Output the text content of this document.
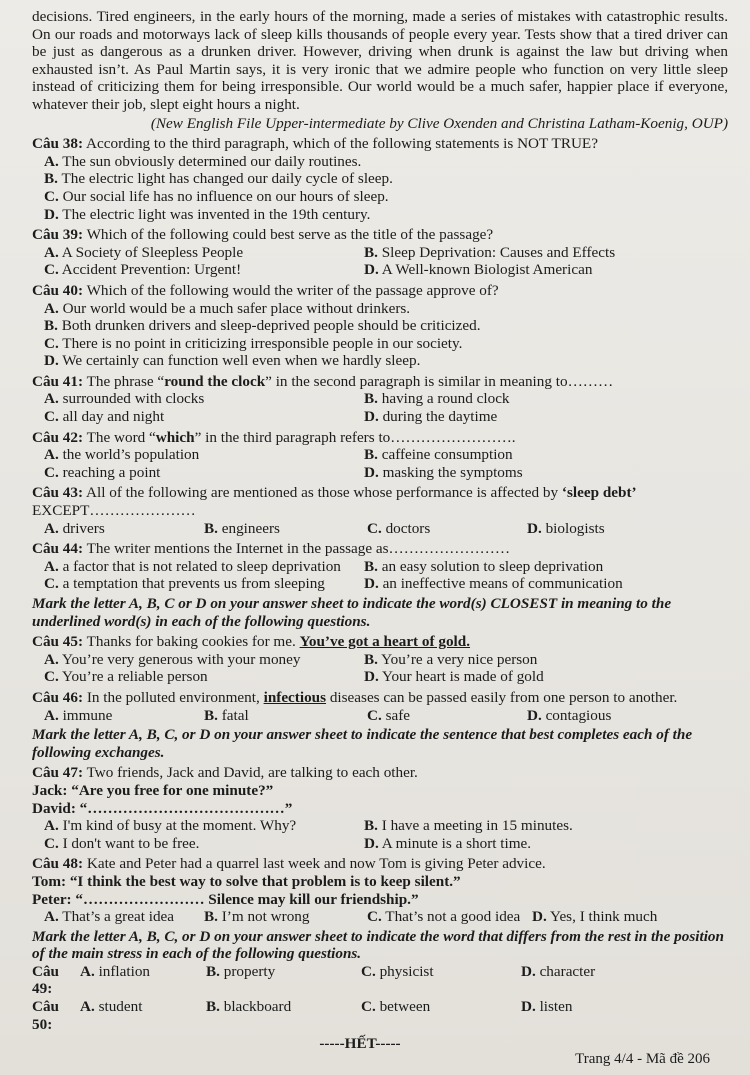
decisions. Tired engineers, in the early hours of the morning, made a series of mistakes with catastrophic results. On our roads and motorways lack of sleep kills thousands of people every year. Tests show that a tired driver can be just as dangerous as a drunken driver. However, driving when drunk is against the law but driving when exhausted isn’t. As Paul Martin says, it is very ironic that we admire people who function on very little sleep instead of criticizing them for being irresponsible. Our world would be a much safer, happier place if everyone, whatever their job, slept eight hours a night.

(New English File Upper-intermediate by Clive Oxenden and Christina Latham-Koenig, OUP)

Câu 38: According to the third paragraph, which of the following statements is NOT TRUE?

A. The sun obviously determined our daily routines.
B. The electric light has changed our daily cycle of sleep.
C. Our social life has no influence on our hours of sleep.
D. The electric light was invented in the 19th century.

Câu 39: Which of the following could best serve as the title of the passage?

A. A Society of Sleepless People	B. Sleep Deprivation: Causes and Effects
C. Accident Prevention: Urgent!	D. A Well-known Biologist American

Câu 40: Which of the following would the writer of the passage approve of?

A. Our world would be a much safer place without drinkers.
B. Both drunken drivers and sleep-deprived people should be criticized.
C. There is no point in criticizing irresponsible people in our society.
D. We certainly can function well even when we hardly sleep.

Câu 41: The phrase “round the clock” in the second paragraph is similar in meaning to………

A. surrounded with clocks	B. having a round clock
C. all day and night	D. during the daytime

Câu 42: The word “which” in the third paragraph refers to…………………….

A. the world’s population	B. caffeine consumption
C. reaching a point	D. masking the symptoms

Câu 43: All of the following are mentioned as those whose performance is affected by ‘sleep debt’

EXCEPT…………………

A. drivers	B. engineers	C. doctors	D. biologists

Câu 44: The writer mentions the Internet in the passage as……………………

A. a factor that is not related to sleep deprivation	B. an easy solution to sleep deprivation
C. a temptation that prevents us from sleeping	D. an ineffective means of communication

Mark the letter A, B, C or D on your answer sheet to indicate the word(s) CLOSEST in meaning to the underlined word(s) in each of the following questions.

Câu 45: Thanks for baking cookies for me. You’ve got a heart of gold.

A. You’re very generous with your money	B. You’re a very nice person
C. You’re a reliable person	D. Your heart is made of gold

Câu 46: In the polluted environment, infectious diseases can be passed easily from one person to another.

A. immune	B. fatal	C. safe	D. contagious

Mark the letter A, B, C, or D on your answer sheet to indicate the sentence that best completes each of the following exchanges.

Câu 47: Two friends, Jack and David, are talking to each other.

Jack: “Are you free for one minute?”

David: “…………………………………”

A. I'm kind of busy at the moment. Why?	B. I have a meeting in 15 minutes.
C. I don't want to be free.	D. A minute is a short time.

Câu 48: Kate and Peter had a quarrel last week and now Tom is giving Peter advice.

Tom: “I think the best way to solve that problem is to keep silent.”

Peter: “…………………… Silence may kill our friendship.”

A. That’s a great idea	B. I’m not wrong	C. That’s not a good idea D. Yes, I think much

Mark the letter A, B, C, or D on your answer sheet to indicate the word that differs from the rest in the position of the main stress in each of the following questions.

Câu 49:
A. inflation	B. property	C. physicist	D. character
Câu 50:
A. student	B. blackboard	C. between	D. listen

-----HẾT-----

Trang 4/4 - Mã đề 206
